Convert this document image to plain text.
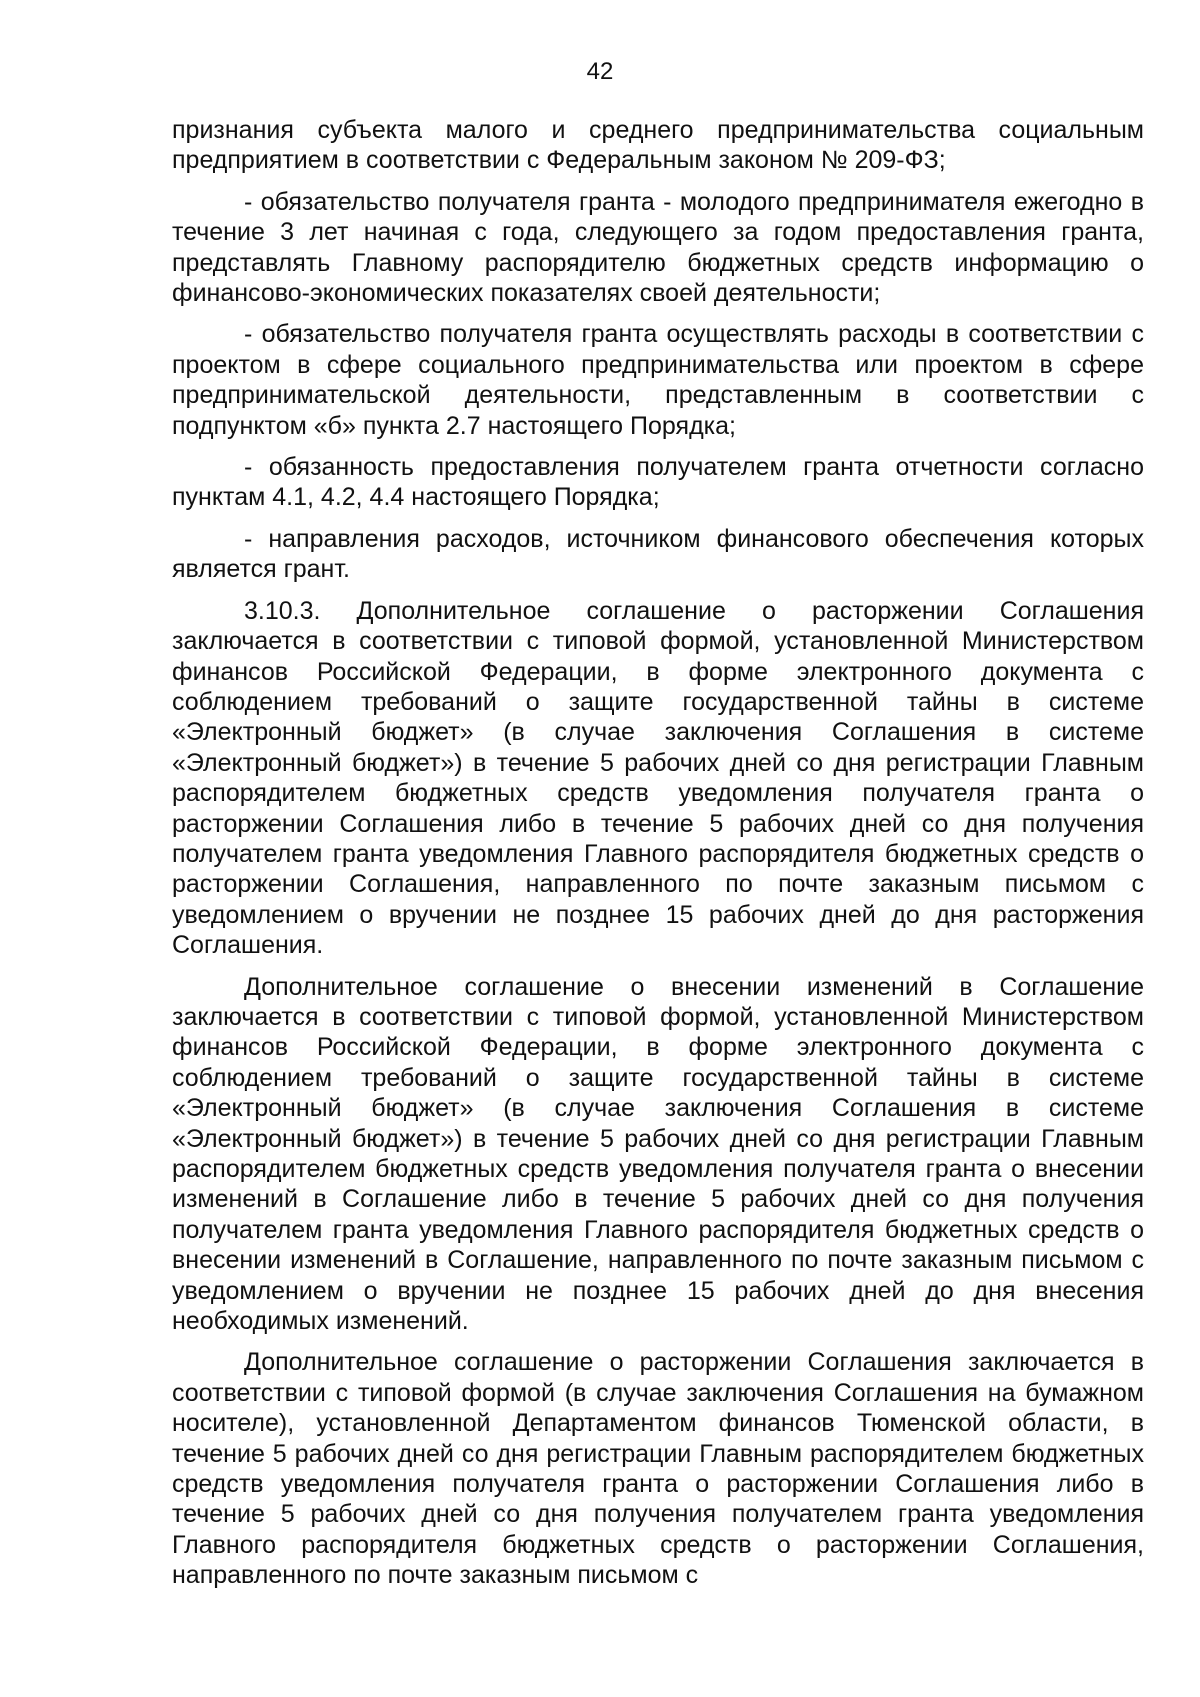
42

признания субъекта малого и среднего предпринимательства социальным предприятием в соответствии с Федеральным законом № 209-ФЗ;

- обязательство получателя гранта - молодого предпринимателя ежегодно в течение 3 лет начиная с года, следующего за годом предоставления гранта, представлять Главному распорядителю бюджетных средств информацию о финансово-экономических показателях своей деятельности;

- обязательство получателя гранта осуществлять расходы в соответствии с проектом в сфере социального предпринимательства или проектом в сфере предпринимательской деятельности, представленным в соответствии с подпунктом «б» пункта 2.7 настоящего Порядка;

- обязанность предоставления получателем гранта отчетности согласно пунктам 4.1, 4.2, 4.4 настоящего Порядка;

- направления расходов, источником финансового обеспечения которых является грант.

3.10.3. Дополнительное соглашение о расторжении Соглашения заключается в соответствии с типовой формой, установленной Министерством финансов Российской Федерации, в форме электронного документа с соблюдением требований о защите государственной тайны в системе «Электронный бюджет» (в случае заключения Соглашения в системе «Электронный бюджет») в течение 5 рабочих дней со дня регистрации Главным распорядителем бюджетных средств уведомления получателя гранта о расторжении Соглашения либо в течение 5 рабочих дней со дня получения получателем гранта уведомления Главного распорядителя бюджетных средств о расторжении Соглашения, направленного по почте заказным письмом с уведомлением о вручении не позднее 15 рабочих дней до дня расторжения Соглашения.

Дополнительное соглашение о внесении изменений в Соглашение заключается в соответствии с типовой формой, установленной Министерством финансов Российской Федерации, в форме электронного документа с соблюдением требований о защите государственной тайны в системе «Электронный бюджет» (в случае заключения Соглашения в системе «Электронный бюджет») в течение 5 рабочих дней со дня регистрации Главным распорядителем бюджетных средств уведомления получателя гранта о внесении изменений в Соглашение либо в течение 5 рабочих дней со дня получения получателем гранта уведомления Главного распорядителя бюджетных средств о внесении изменений в Соглашение, направленного по почте заказным письмом с уведомлением о вручении не позднее 15 рабочих дней до дня внесения необходимых изменений.

Дополнительное соглашение о расторжении Соглашения заключается в соответствии с типовой формой (в случае заключения Соглашения на бумажном носителе), установленной Департаментом финансов Тюменской области, в течение 5 рабочих дней со дня регистрации Главным распорядителем бюджетных средств уведомления получателя гранта о расторжении Соглашения либо в течение 5 рабочих дней со дня получения получателем гранта уведомления Главного распорядителя бюджетных средств о расторжении Соглашения, направленного по почте заказным письмом с
